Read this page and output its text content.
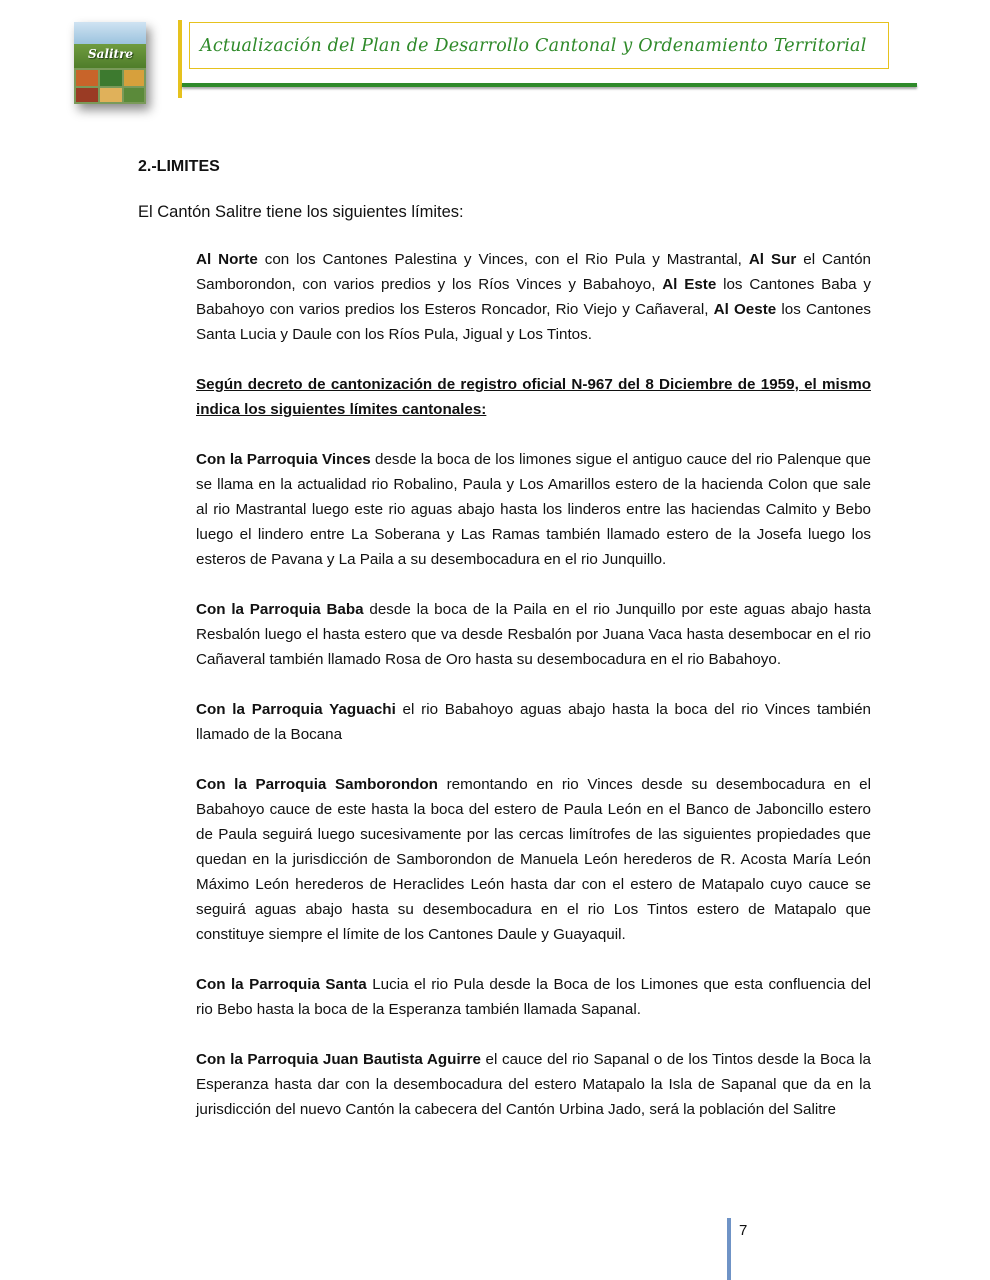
Salitre	Actualización del Plan de Desarrollo Cantonal y Ordenamiento Territorial
2.-LIMITES
El Cantón Salitre tiene los siguientes límites:

Al Norte con los Cantones Palestina y Vinces, con el Rio Pula y Mastrantal, Al Sur el Cantón Samborondon, con varios predios y los Ríos Vinces y Babahoyo, Al Este los Cantones Baba y Babahoyo con varios predios los Esteros Roncador, Rio Viejo y Cañaveral, Al Oeste los Cantones Santa Lucia y Daule con los Ríos Pula, Jigual y Los Tintos.

Según decreto de cantonización de registro oficial N-967 del 8 Diciembre de 1959, el mismo indica los siguientes límites cantonales:

Con la Parroquia Vinces desde la boca de los limones sigue el antiguo cauce del rio Palenque que se llama en la actualidad rio Robalino, Paula y Los Amarillos estero de la hacienda Colon que sale al rio Mastrantal luego este rio aguas abajo hasta los linderos entre las haciendas Calmito y Bebo luego el lindero entre La Soberana y Las Ramas también llamado estero de la Josefa luego los esteros de Pavana y La Paila a su desembocadura en el rio Junquillo.

Con la Parroquia Baba desde la boca de la Paila en el rio Junquillo por este aguas abajo hasta Resbalón luego el hasta estero que va desde Resbalón por Juana Vaca hasta desembocar en el rio Cañaveral también llamado Rosa de Oro hasta su desembocadura en el rio Babahoyo.

Con la Parroquia Yaguachi el rio Babahoyo aguas abajo hasta la boca del rio Vinces también llamado de la Bocana

Con la Parroquia Samborondon remontando en rio Vinces desde su desembocadura en el Babahoyo cauce de este hasta la boca del estero de Paula León en el Banco de Jaboncillo estero de Paula seguirá luego sucesivamente por las cercas limítrofes de las siguientes propiedades que quedan en la jurisdicción de Samborondon de Manuela León herederos de R. Acosta María León Máximo León herederos de Heraclides León hasta dar con el estero de Matapalo cuyo cauce se seguirá aguas abajo hasta su desembocadura en el rio Los Tintos estero de Matapalo que constituye siempre el límite de los Cantones Daule y Guayaquil.

Con la Parroquia Santa Lucia el rio Pula desde la Boca de los Limones que esta confluencia del rio Bebo hasta la boca de la Esperanza también llamada Sapanal.

Con la Parroquia Juan Bautista Aguirre el cauce del rio Sapanal o de los Tintos desde la Boca la Esperanza hasta dar con la desembocadura del estero Matapalo la Isla de Sapanal que da en la jurisdicción del nuevo Cantón la cabecera del Cantón Urbina Jado, será la población del Salitre

7
